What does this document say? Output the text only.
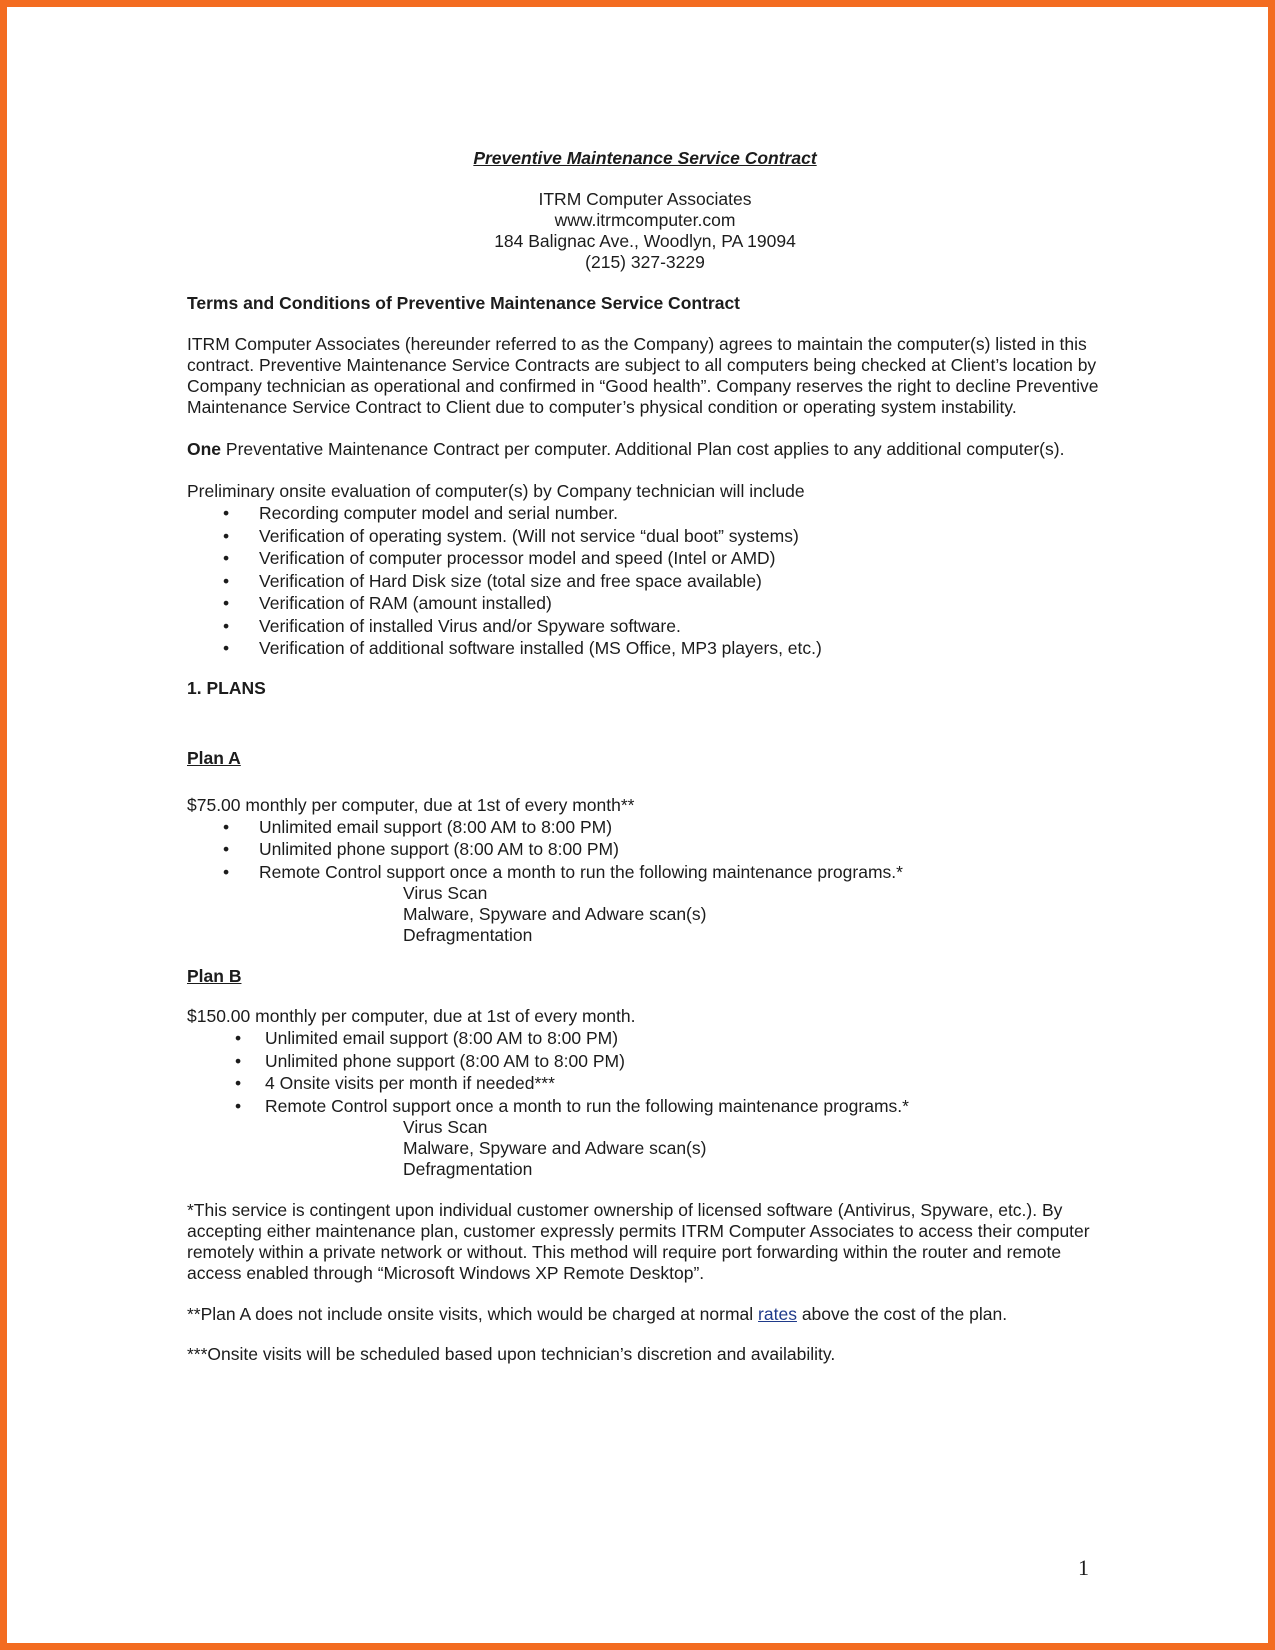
Preventive Maintenance Service Contract
ITRM Computer Associates
www.itrmcomputer.com
184 Balignac Ave., Woodlyn, PA 19094
(215) 327-3229
Terms and Conditions of Preventive Maintenance Service Contract

ITRM Computer Associates (hereunder referred to as the Company) agrees to maintain the computer(s) listed in this contract. Preventive Maintenance Service Contracts are subject to all computers being checked at Client’s location by Company technician as operational and confirmed in “Good health”. Company reserves the right to decline Preventive Maintenance Service Contract to Client due to computer’s physical condition or operating system instability.

One Preventative Maintenance Contract per computer. Additional Plan cost applies to any additional computer(s).

Preliminary onsite evaluation of computer(s) by Company technician will include

• Recording computer model and serial number.
• Verification of operating system. (Will not service “dual boot” systems)
• Verification of computer processor model and speed (Intel or AMD)
• Verification of Hard Disk size (total size and free space available)
• Verification of RAM (amount installed)
• Verification of installed Virus and/or Spyware software.
• Verification of additional software installed (MS Office, MP3 players, etc.)
1. PLANS
Plan A

$75.00 monthly per computer, due at 1st of every month**

• Unlimited email support (8:00 AM to 8:00 PM)
• Unlimited phone support (8:00 AM to 8:00 PM)
• Remote Control support once a month to run the following maintenance programs.*
Virus Scan
Malware, Spyware and Adware scan(s)
Defragmentation
Plan B

$150.00 monthly per computer, due at 1st of every month.

• Unlimited email support (8:00 AM to 8:00 PM)
• Unlimited phone support (8:00 AM to 8:00 PM)
• 4 Onsite visits per month if needed***
• Remote Control support once a month to run the following maintenance programs.*
Virus Scan
Malware, Spyware and Adware scan(s)
Defragmentation

*This service is contingent upon individual customer ownership of licensed software (Antivirus, Spyware, etc.). By accepting either maintenance plan, customer expressly permits ITRM Computer Associates to access their computer remotely within a private network or without. This method will require port forwarding within the router and remote access enabled through “Microsoft Windows XP Remote Desktop”.

**Plan A does not include onsite visits, which would be charged at normal rates above the cost of the plan.

***Onsite visits will be scheduled based upon technician’s discretion and availability.

1
